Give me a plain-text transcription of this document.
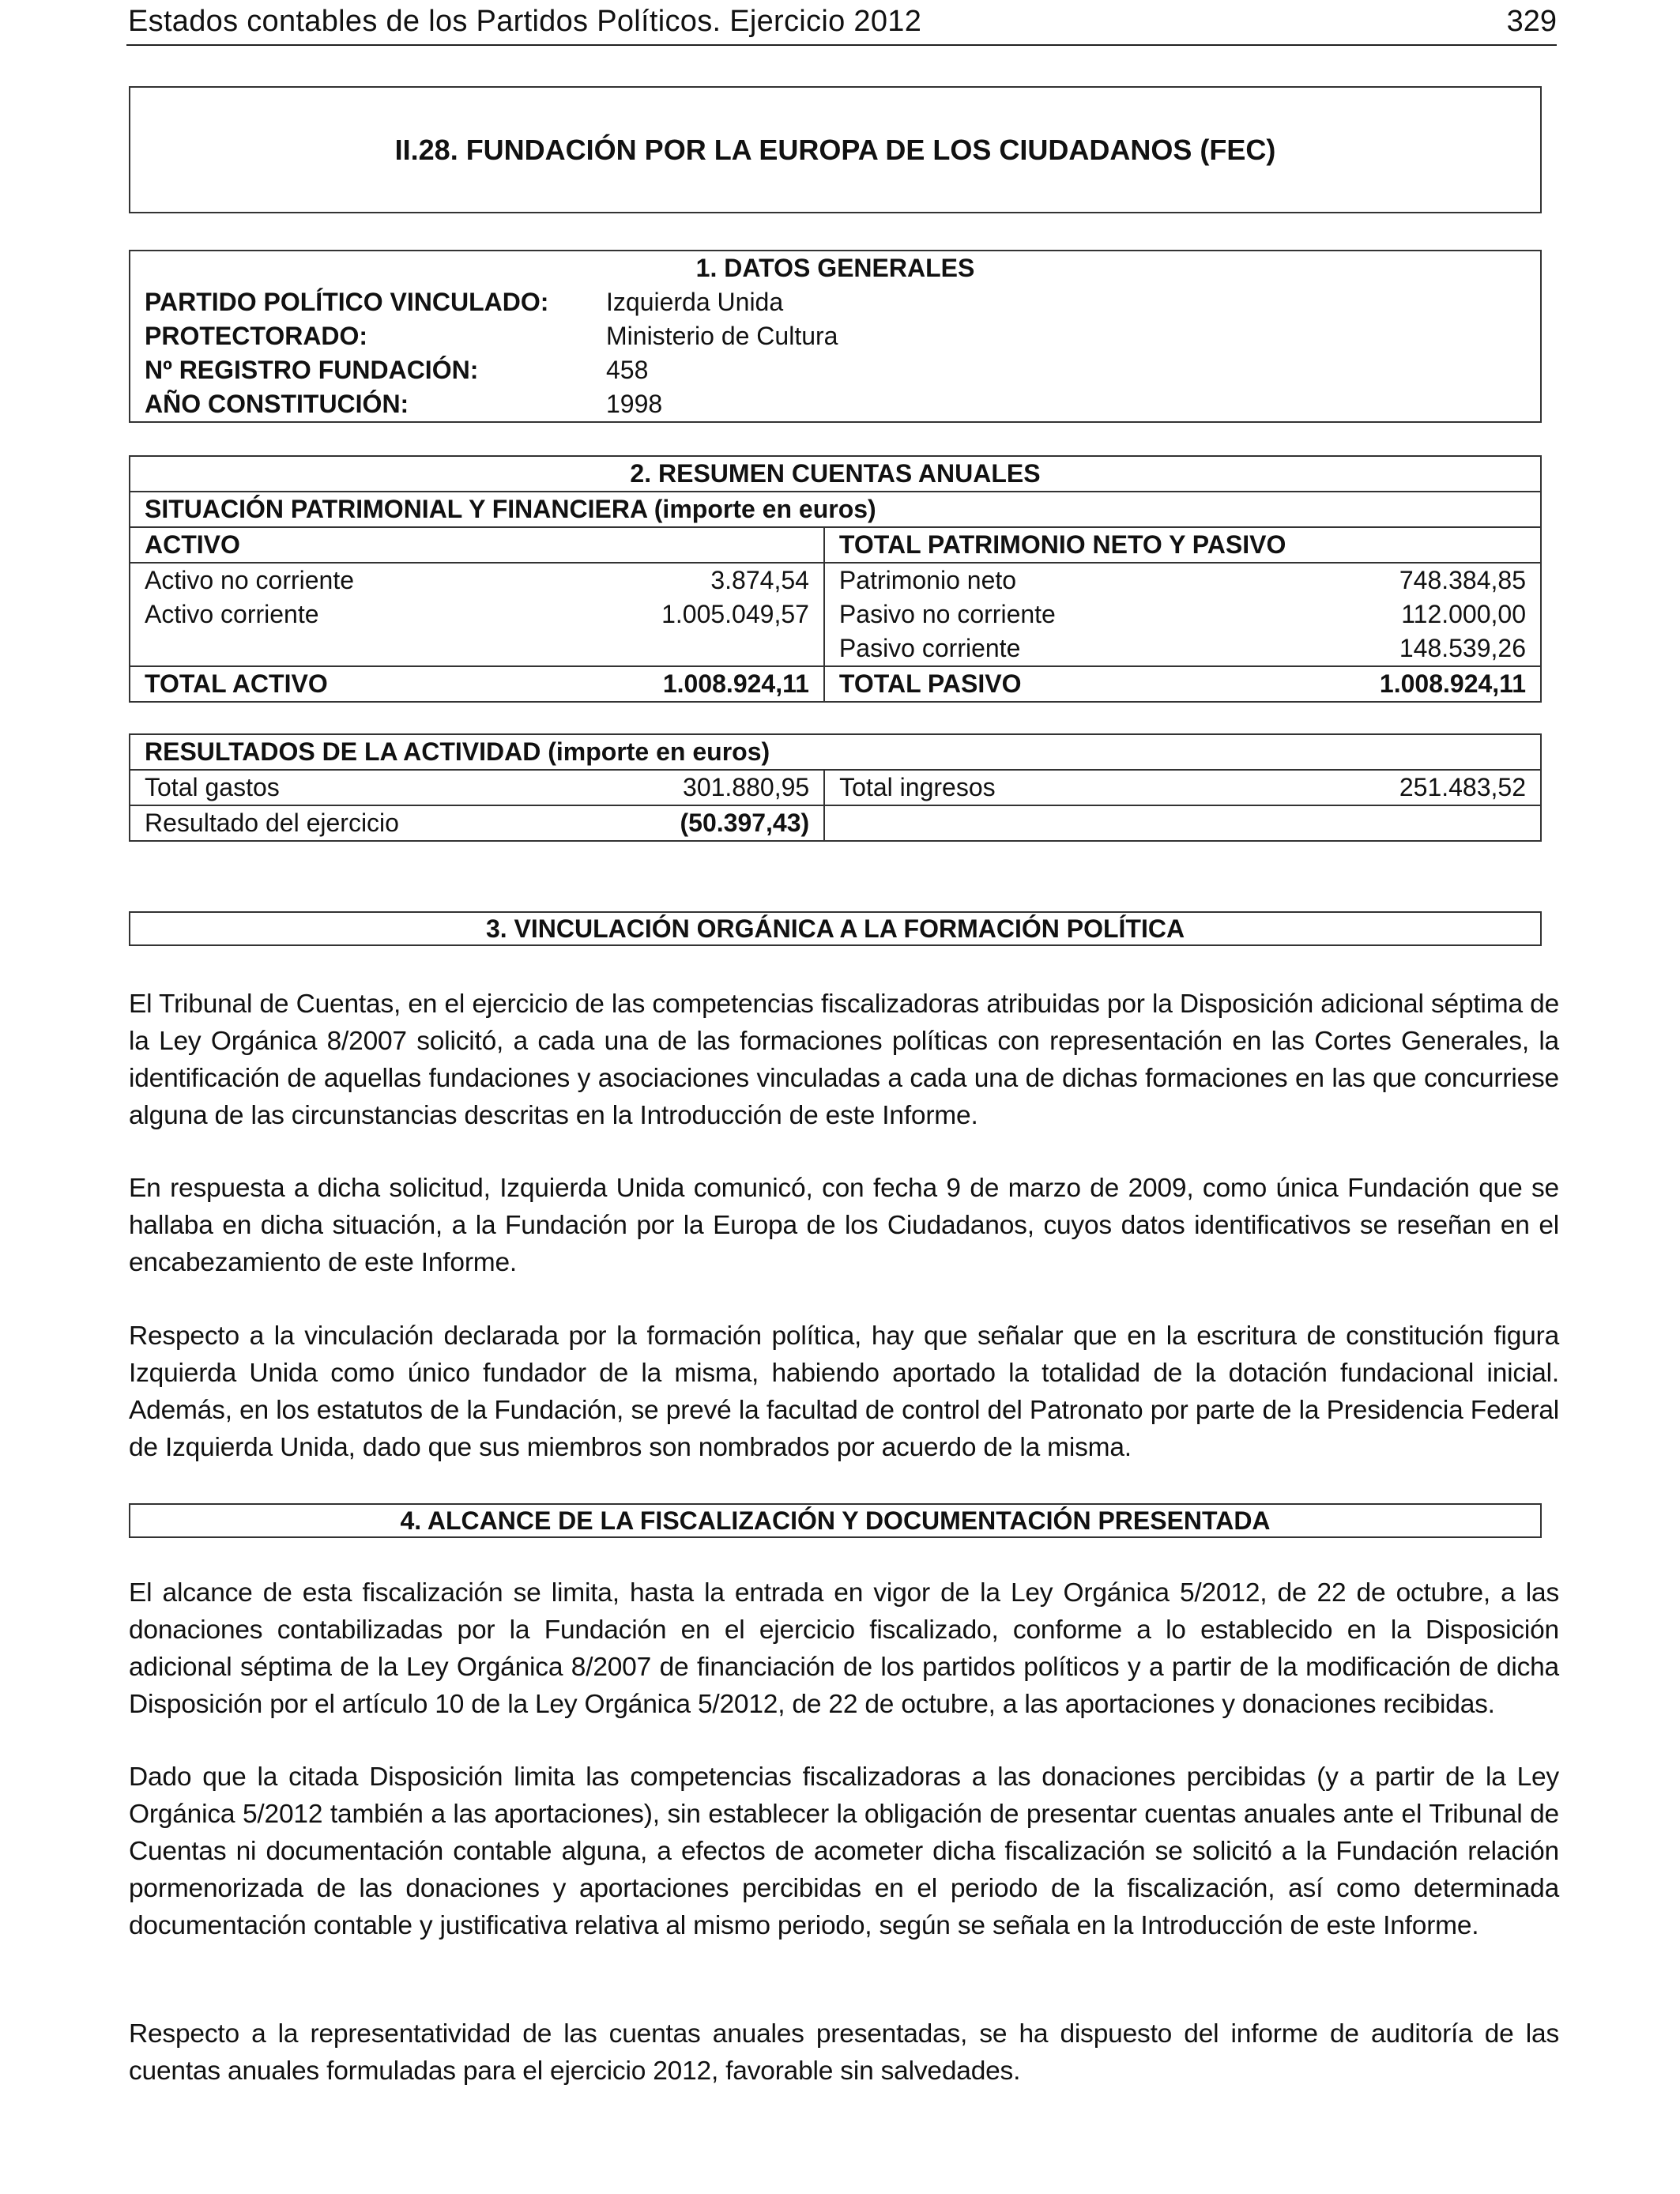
Estados contables de los Partidos Políticos. Ejercicio 2012	329
II.28. FUNDACIÓN POR LA EUROPA DE LOS CIUDADANOS (FEC)
1. DATOS GENERALES	
PARTIDO POLÍTICO VINCULADO:	Izquierda Unida
PROTECTORADO:	Ministerio de Cultura
Nº REGISTRO FUNDACIÓN:	458
AÑO CONSTITUCIÓN:	1998
2. RESUMEN CUENTAS ANUALES			
SITUACIÓN PATRIMONIAL Y FINANCIERA (importe en euros)			
ACTIVO		TOTAL PATRIMONIO NETO Y PASIVO	
Activo no corriente	3.874,54	Patrimonio neto	748.384,85
Activo corriente	1.005.049,57	Pasivo no corriente	112.000,00
		Pasivo corriente	148.539,26
TOTAL ACTIVO	1.008.924,11	TOTAL PASIVO	1.008.924,11
RESULTADOS DE LA ACTIVIDAD (importe en euros)			
Total gastos	301.880,95	Total ingresos	251.483,52
Resultado del ejercicio	(50.397,43)		
3. VINCULACIÓN ORGÁNICA A LA FORMACIÓN POLÍTICA

El Tribunal de Cuentas, en el ejercicio de las competencias fiscalizadoras atribuidas por la Disposición adicional séptima de la Ley Orgánica 8/2007 solicitó, a cada una de las formaciones políticas con representación en las Cortes Generales, la identificación de aquellas fundaciones y asociaciones vinculadas a cada una de dichas formaciones en las que concurriese alguna de las circunstancias descritas en la Introducción de este Informe.

En respuesta a dicha solicitud, Izquierda Unida comunicó, con fecha 9 de marzo de 2009, como única Fundación que se hallaba en dicha situación, a la Fundación por la Europa de los Ciudadanos, cuyos datos identificativos se reseñan en el encabezamiento de este Informe.

Respecto a la vinculación declarada por la formación política, hay que señalar que en la escritura de constitución figura Izquierda Unida como único fundador de la misma, habiendo aportado la totalidad de la dotación fundacional inicial. Además, en los estatutos de la Fundación, se prevé la facultad de control del Patronato por parte de la Presidencia Federal de Izquierda Unida, dado que sus miembros son nombrados por acuerdo de la misma.

4. ALCANCE DE LA FISCALIZACIÓN Y DOCUMENTACIÓN PRESENTADA

El alcance de esta fiscalización se limita, hasta la entrada en vigor de la Ley Orgánica 5/2012, de 22 de octubre, a las donaciones contabilizadas por la Fundación en el ejercicio fiscalizado, conforme a lo establecido en la Disposición adicional séptima de la Ley Orgánica 8/2007 de financiación de los partidos políticos y a partir de la modificación de dicha Disposición por el artículo 10 de la Ley Orgánica 5/2012, de 22 de octubre, a las aportaciones y donaciones recibidas.

Dado que la citada Disposición limita las competencias fiscalizadoras a las donaciones percibidas (y a partir de la Ley Orgánica 5/2012 también a las aportaciones), sin establecer la obligación de presentar cuentas anuales ante el Tribunal de Cuentas ni documentación contable alguna, a efectos de acometer dicha fiscalización se solicitó a la Fundación relación pormenorizada de las donaciones y aportaciones percibidas en el periodo de la fiscalización, así como determinada documentación contable y justificativa relativa al mismo periodo, según se señala en la Introducción de este Informe.

Respecto a la representatividad de las cuentas anuales presentadas, se ha dispuesto del informe de auditoría de las cuentas anuales formuladas para el ejercicio 2012, favorable sin salvedades.
